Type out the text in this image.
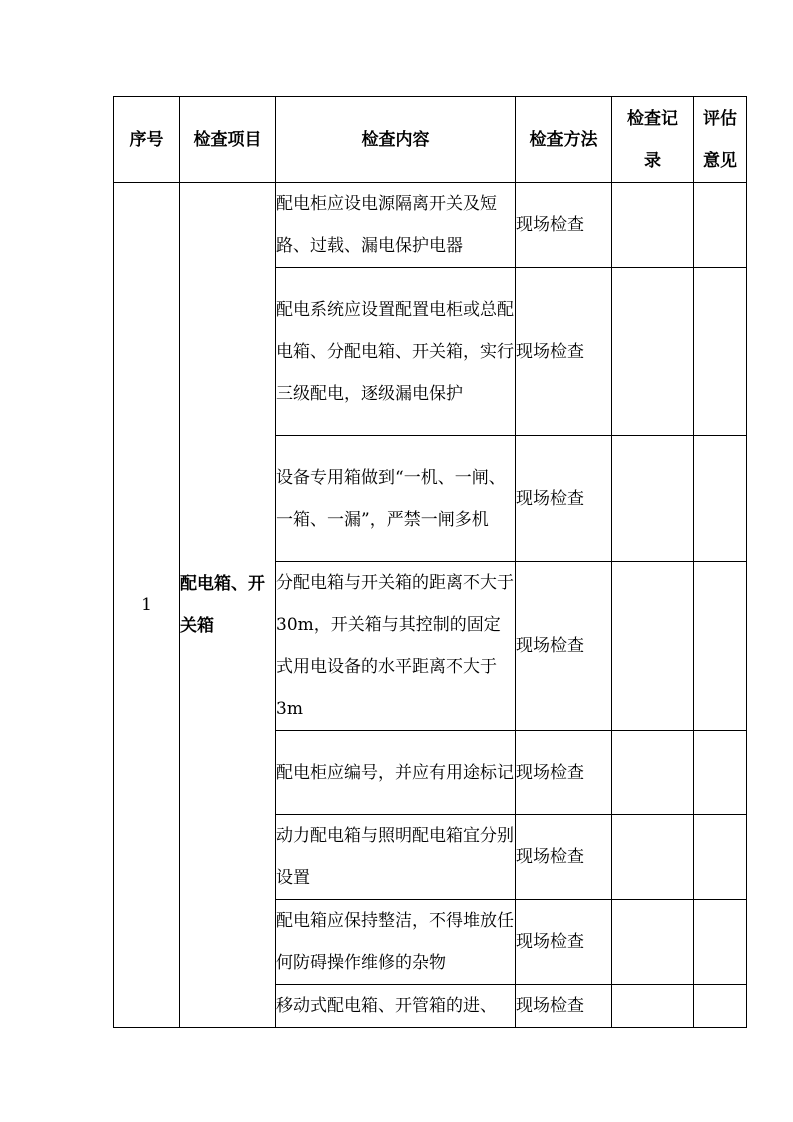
序号	检查项目	检查内容	检查方法	检查记录	评估意见
1	配电箱、开关箱	配电柜应设电源隔离开关及短路、过载、漏电保护电器	现场检查		
		配电系统应设置配置电柜或总配电箱、分配电箱、开关箱，实行三级配电，逐级漏电保护	现场检查		
		设备专用箱做到“一机、一闸、一箱、一漏”，严禁一闸多机	现场检查		
		分配电箱与开关箱的距离不大于30m，开关箱与其控制的固定式用电设备的水平距离不大于3m	现场检查		
		配电柜应编号，并应有用途标记	现场检查		
		动力配电箱与照明配电箱宜分别设置	现场检查		
		配电箱应保持整洁，不得堆放任何防碍操作维修的杂物	现场检查		
		移动式配电箱、开管箱的进、	现场检查		
